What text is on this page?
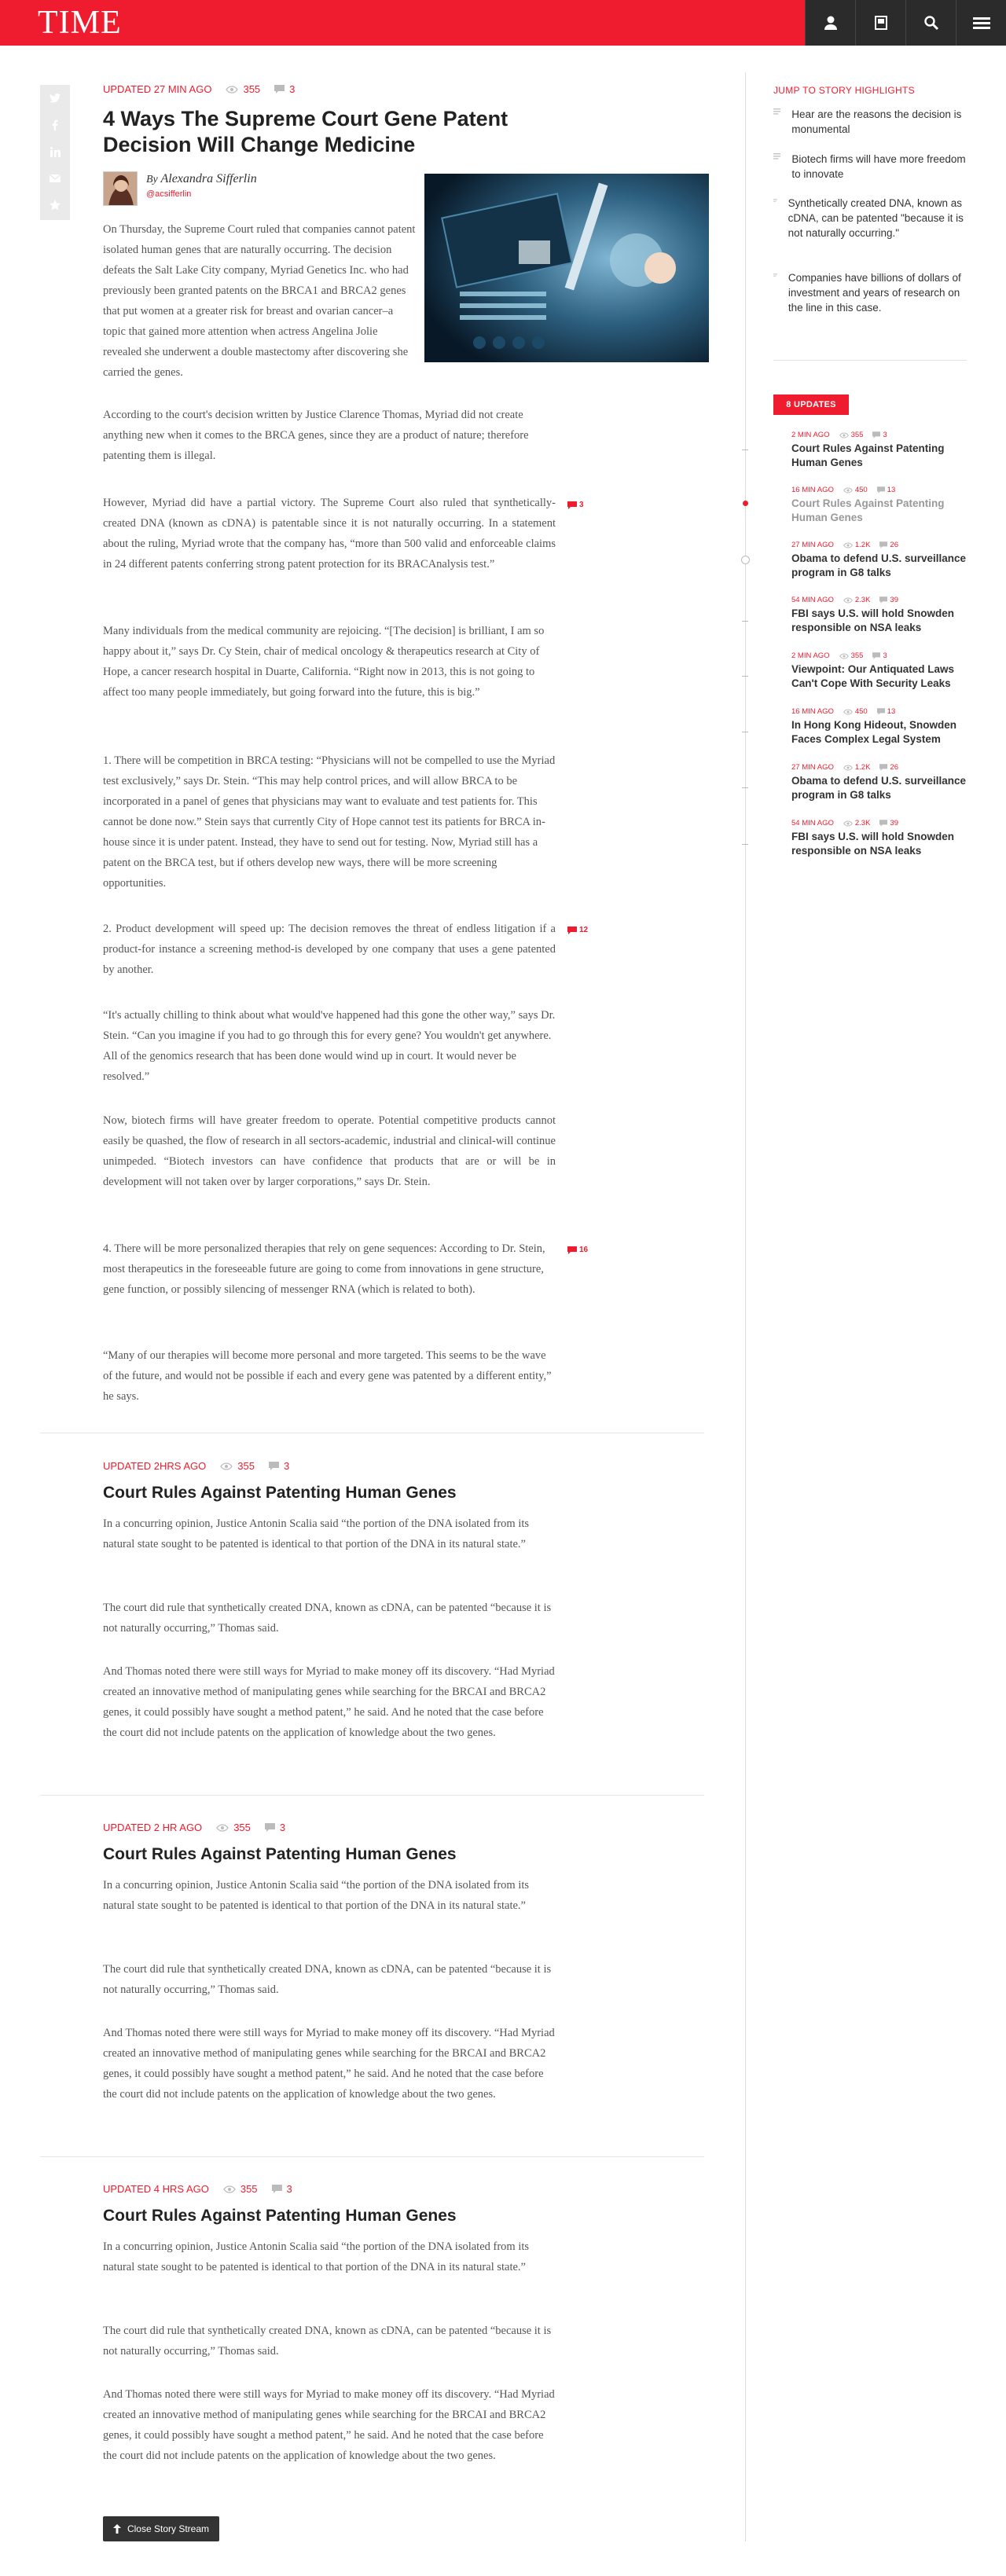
TIME
UPDATED 27 MIN AGO	355	3
4 Ways The Supreme Court Gene Patent Decision Will Change Medicine
By Alexandra Sifferlin
@acsifferlin

On Thursday, the Supreme Court ruled that companies cannot patent isolated human genes that are naturally occurring. The decision defeats the Salt Lake City company, Myriad Genetics Inc. who had previously been granted patents on the BRCA1 and BRCA2 genes that put women at a greater risk for breast and ovarian cancer–a topic that gained more attention when actress Angelina Jolie revealed she underwent a double mastectomy after discovering she carried the genes.

According to the court's decision written by Justice Clarence Thomas, Myriad did not create anything new when it comes to the BRCA genes, since they are a product of nature; therefore patenting them is illegal.

However, Myriad did have a partial victory. The Supreme Court also ruled that synthetically-created DNA (known as cDNA) is patentable since it is not naturally occurring. In a statement about the ruling, Myriad wrote that the company has, “more than 500 valid and enforceable claims in 24 different patents conferring strong patent protection for its BRACAnalysis test.”

3

Many individuals from the medical community are rejoicing. “[The decision] is brilliant, I am so happy about it,” says Dr. Cy Stein, chair of medical oncology & therapeutics research at City of Hope, a cancer research hospital in Duarte, California. “Right now in 2013, this is not going to affect too many people immediately, but going forward into the future, this is big.”

1. There will be competition in BRCA testing: “Physicians will not be compelled to use the Myriad test exclusively,” says Dr. Stein. “This may help control prices, and will allow BRCA to be incorporated in a panel of genes that physicians may want to evaluate and test patients for. This cannot be done now.” Stein says that currently City of Hope cannot test its patients for BRCA in-house since it is under patent. Instead, they have to send out for testing. Now, Myriad still has a patent on the BRCA test, but if others develop new ways, there will be more screening opportunities.

2. Product development will speed up: The decision removes the threat of endless litigation if a product-for instance a screening method-is developed by one company that uses a gene patented by another.

12

“It's actually chilling to think about what would've happened had this gone the other way,” says Dr. Stein. “Can you imagine if you had to go through this for every gene? You wouldn't get anywhere. All of the genomics research that has been done would wind up in court. It would never be resolved.”

Now, biotech firms will have greater freedom to operate. Potential competitive products cannot easily be quashed, the flow of research in all sectors-academic, industrial and clinical-will continue unimpeded. “Biotech investors can have confidence that products that are or will be in development will not taken over by larger corporations,” says Dr. Stein.

4. There will be more personalized therapies that rely on gene sequences: According to Dr. Stein, most therapeutics in the foreseeable future are going to come from innovations in gene structure, gene function, or possibly silencing of messenger RNA (which is related to both).

16

“Many of our therapies will become more personal and more targeted. This seems to be the wave of the future, and would not be possible if each and every gene was patented by a different entity,” he says.

UPDATED 2HRS AGO	355	3
Court Rules Against Patenting Human Genes

In a concurring opinion, Justice Antonin Scalia said “the portion of the DNA isolated from its natural state sought to be patented is identical to that portion of the DNA in its natural state.”

The court did rule that synthetically created DNA, known as cDNA, can be patented “because it is not naturally occurring,” Thomas said.

And Thomas noted there were still ways for Myriad to make money off its discovery. “Had Myriad created an innovative method of manipulating genes while searching for the BRCAI and BRCA2 genes, it could possibly have sought a method patent,” he said. And he noted that the case before the court did not include patents on the application of knowledge about the two genes.

UPDATED 2 HR AGO	355	3
Court Rules Against Patenting Human Genes

In a concurring opinion, Justice Antonin Scalia said “the portion of the DNA isolated from its natural state sought to be patented is identical to that portion of the DNA in its natural state.”

The court did rule that synthetically created DNA, known as cDNA, can be patented “because it is not naturally occurring,” Thomas said.

And Thomas noted there were still ways for Myriad to make money off its discovery. “Had Myriad created an innovative method of manipulating genes while searching for the BRCAI and BRCA2 genes, it could possibly have sought a method patent,” he said. And he noted that the case before the court did not include patents on the application of knowledge about the two genes.

UPDATED 4 HRS AGO	355	3
Court Rules Against Patenting Human Genes

In a concurring opinion, Justice Antonin Scalia said “the portion of the DNA isolated from its natural state sought to be patented is identical to that portion of the DNA in its natural state.”

The court did rule that synthetically created DNA, known as cDNA, can be patented “because it is not naturally occurring,” Thomas said.

And Thomas noted there were still ways for Myriad to make money off its discovery. “Had Myriad created an innovative method of manipulating genes while searching for the BRCAI and BRCA2 genes, it could possibly have sought a method patent,” he said. And he noted that the case before the court did not include patents on the application of knowledge about the two genes.

Close Story Stream
JUMP TO STORY HIGHLIGHTS
Hear are the reasons the decision is monumental
Biotech firms will have more freedom to innovate
Synthetically created DNA, known as cDNA, can be patented "because it is not naturally occurring."
Companies have billions of dollars of investment and years of research on the line in this case.
8 UPDATES
2 MIN AGO	355	3
Court Rules Against Patenting Human Genes
16 MIN AGO	450	13
Court Rules Against Patenting Human Genes
27 MIN AGO	1.2K	26
Obama to defend U.S. surveillance program in G8 talks
54 MIN AGO	2.3K	39
FBI says U.S. will hold Snowden responsible on NSA leaks
2 MIN AGO	355	3
Viewpoint: Our Antiquated Laws Can't Cope With Security Leaks
16 MIN AGO	450	13
In Hong Kong Hideout, Snowden Faces Complex Legal System
27 MIN AGO	1.2K	26
Obama to defend U.S. surveillance program in G8 talks
54 MIN AGO	2.3K	39
FBI says U.S. will hold Snowden responsible on NSA leaks
